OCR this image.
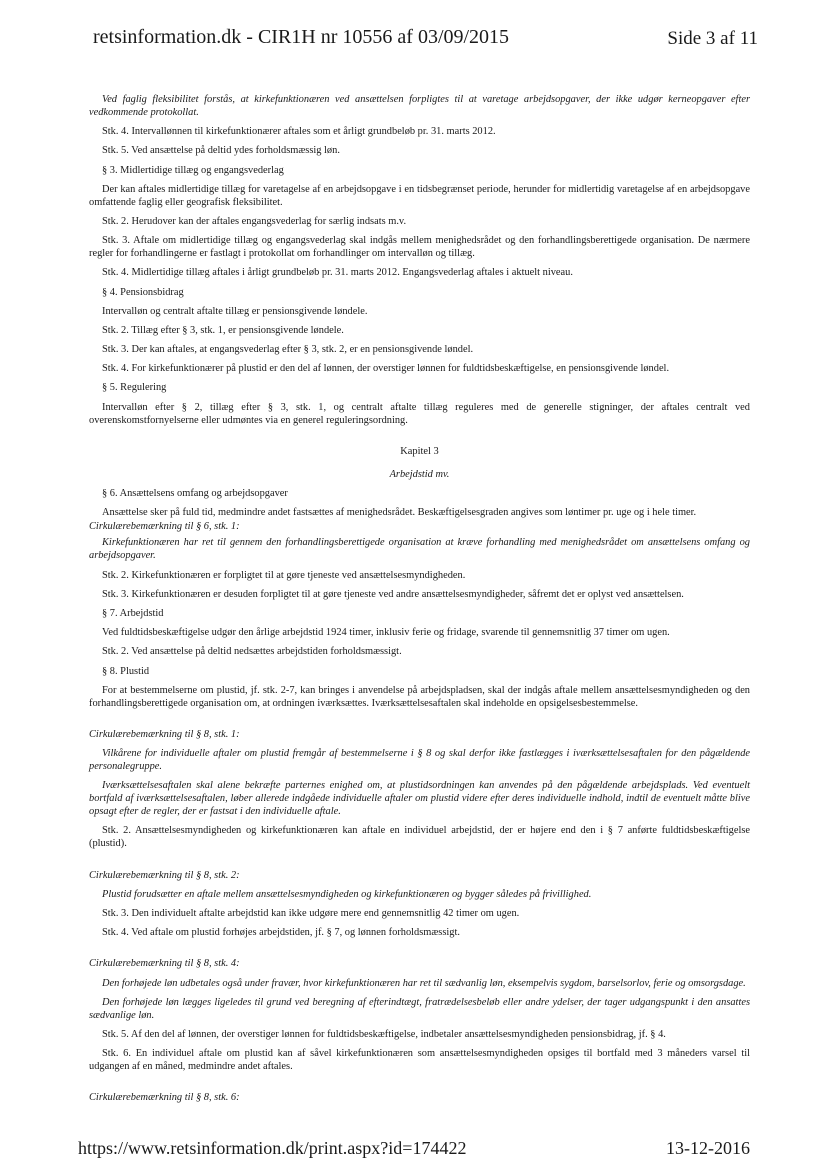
retsinformation.dk - CIR1H nr 10556 af 03/09/2015	Side 3 af 11

Ved faglig fleksibilitet forstås, at kirkefunktionæren ved ansættelsen forpligtes til at varetage arbejdsopgaver, der ikke udgør kerneopgaver efter vedkommende protokollat.

Stk. 4. Intervallønnen til kirkefunktionærer aftales som et årligt grundbeløb pr. 31. marts 2012.

Stk. 5. Ved ansættelse på deltid ydes forholdsmæssig løn.

§ 3. Midlertidige tillæg og engangsvederlag

Der kan aftales midlertidige tillæg for varetagelse af en arbejdsopgave i en tidsbegrænset periode, herunder for midlertidig varetagelse af en arbejdsopgave omfattende faglig eller geografisk fleksibilitet.

Stk. 2. Herudover kan der aftales engangsvederlag for særlig indsats m.v.

Stk. 3. Aftale om midlertidige tillæg og engangsvederlag skal indgås mellem menighedsrådet og den forhandlingsberettigede organisation. De nærmere regler for forhandlingerne er fastlagt i protokollat om forhandlinger om intervalløn og tillæg.

Stk. 4. Midlertidige tillæg aftales i årligt grundbeløb pr. 31. marts 2012. Engangsvederlag aftales i aktuelt niveau.

§ 4. Pensionsbidrag

Intervalløn og centralt aftalte tillæg er pensionsgivende løndele.

Stk. 2. Tillæg efter § 3, stk. 1, er pensionsgivende løndele.

Stk. 3. Der kan aftales, at engangsvederlag efter § 3, stk. 2, er en pensionsgivende løndel.

Stk. 4. For kirkefunktionærer på plustid er den del af lønnen, der overstiger lønnen for fuldtidsbeskæftigelse, en pensionsgivende løndel.

§ 5. Regulering

Intervalløn efter § 2, tillæg efter § 3, stk. 1, og centralt aftalte tillæg reguleres med de generelle stigninger, der aftales centralt ved overenskomstfornyelserne eller udmøntes via en generel reguleringsordning.

Kapitel 3

Arbejdstid mv.

§ 6. Ansættelsens omfang og arbejdsopgaver

Ansættelse sker på fuld tid, medmindre andet fastsættes af menighedsrådet. Beskæftigelsesgraden angives som løntimer pr. uge og i hele timer.

Cirkulærebemærkning til § 6, stk. 1:

Kirkefunktionæren har ret til gennem den forhandlingsberettigede organisation at kræve forhandling med menighedsrådet om ansættelsens omfang og arbejdsopgaver.

Stk. 2. Kirkefunktionæren er forpligtet til at gøre tjeneste ved ansættelsesmyndigheden.

Stk. 3. Kirkefunktionæren er desuden forpligtet til at gøre tjeneste ved andre ansættelsesmyndigheder, såfremt det er oplyst ved ansættelsen.

§ 7. Arbejdstid

Ved fuldtidsbeskæftigelse udgør den årlige arbejdstid 1924 timer, inklusiv ferie og fridage, svarende til gennemsnitlig 37 timer om ugen.

Stk. 2. Ved ansættelse på deltid nedsættes arbejdstiden forholdsmæssigt.

§ 8. Plustid

For at bestemmelserne om plustid, jf. stk. 2-7, kan bringes i anvendelse på arbejdspladsen, skal der indgås aftale mellem ansættelsesmyndigheden og den forhandlingsberettigede organisation om, at ordningen iværksættes. Iværksættelsesaftalen skal indeholde en opsigelsesbestemmelse.

Cirkulærebemærkning til § 8, stk. 1:

Vilkårene for individuelle aftaler om plustid fremgår af bestemmelserne i § 8 og skal derfor ikke fastlægges i iværksættelsesaftalen for den pågældende personalegruppe.

Iværksættelsesaftalen skal alene bekræfte parternes enighed om, at plustidsordningen kan anvendes på den pågældende arbejdsplads. Ved eventuelt bortfald af iværksættelsesaftalen, løber allerede indgåede individuelle aftaler om plustid videre efter deres individuelle indhold, indtil de eventuelt måtte blive opsagt efter de regler, der er fastsat i den individuelle aftale.

Stk. 2. Ansættelsesmyndigheden og kirkefunktionæren kan aftale en individuel arbejdstid, der er højere end den i § 7 anførte fuldtidsbeskæftigelse (plustid).

Cirkulærebemærkning til § 8, stk. 2:

Plustid forudsætter en aftale mellem ansættelsesmyndigheden og kirkefunktionæren og bygger således på frivillighed.

Stk. 3. Den individuelt aftalte arbejdstid kan ikke udgøre mere end gennemsnitlig 42 timer om ugen.

Stk. 4. Ved aftale om plustid forhøjes arbejdstiden, jf. § 7, og lønnen forholdsmæssigt.

Cirkulærebemærkning til § 8, stk. 4:

Den forhøjede løn udbetales også under fravær, hvor kirkefunktionæren har ret til sædvanlig løn, eksempelvis sygdom, barselsorlov, ferie og omsorgsdage.

Den forhøjede løn lægges ligeledes til grund ved beregning af efterindtægt, fratrædelsesbeløb eller andre ydelser, der tager udgangspunkt i den ansattes sædvanlige løn.

Stk. 5. Af den del af lønnen, der overstiger lønnen for fuldtidsbeskæftigelse, indbetaler ansættelsesmyndigheden pensionsbidrag, jf. § 4.

Stk. 6. En individuel aftale om plustid kan af såvel kirkefunktionæren som ansættelsesmyndigheden opsiges til bortfald med 3 måneders varsel til udgangen af en måned, medmindre andet aftales.

Cirkulærebemærkning til § 8, stk. 6:

https://www.retsinformation.dk/print.aspx?id=174422	13-12-2016
